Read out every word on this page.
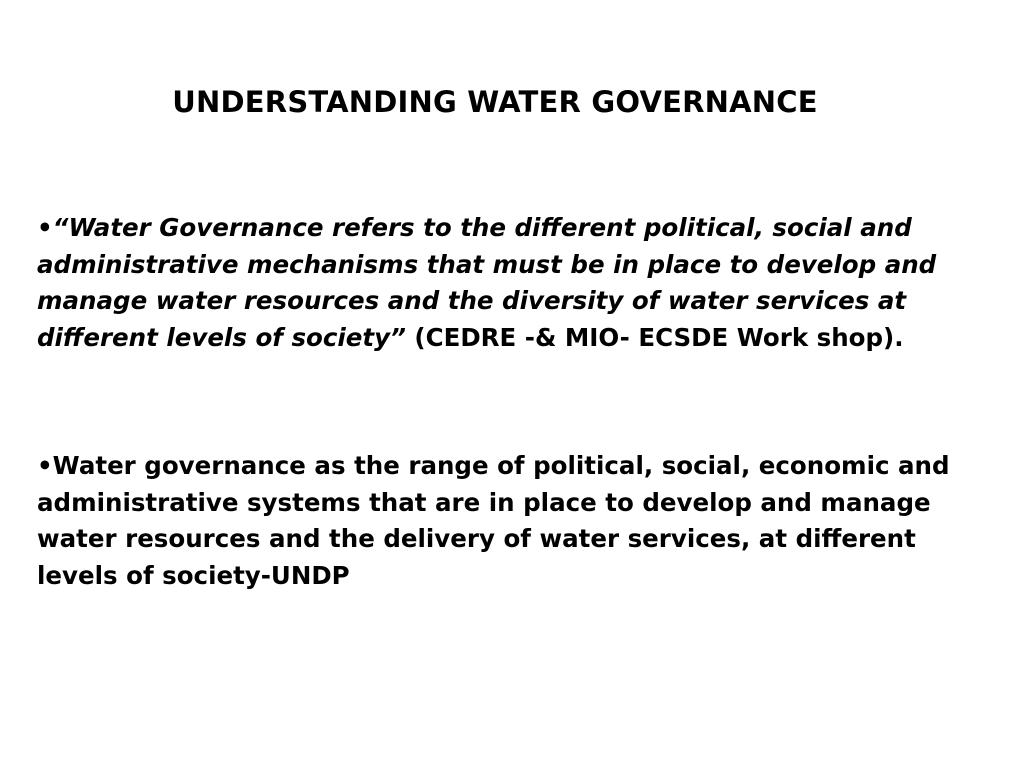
UNDERSTANDING WATER GOVERNANCE

•“Water Governance refers to the different political, social and administrative mechanisms that must be in place to develop and manage water resources and the diversity of water services at different levels of society” (CEDRE -& MIO- ECSDE Work shop).

•Water governance as the range of political, social, economic and administrative systems that are in place to develop and manage water resources and the delivery of water services, at different levels of society-UNDP
